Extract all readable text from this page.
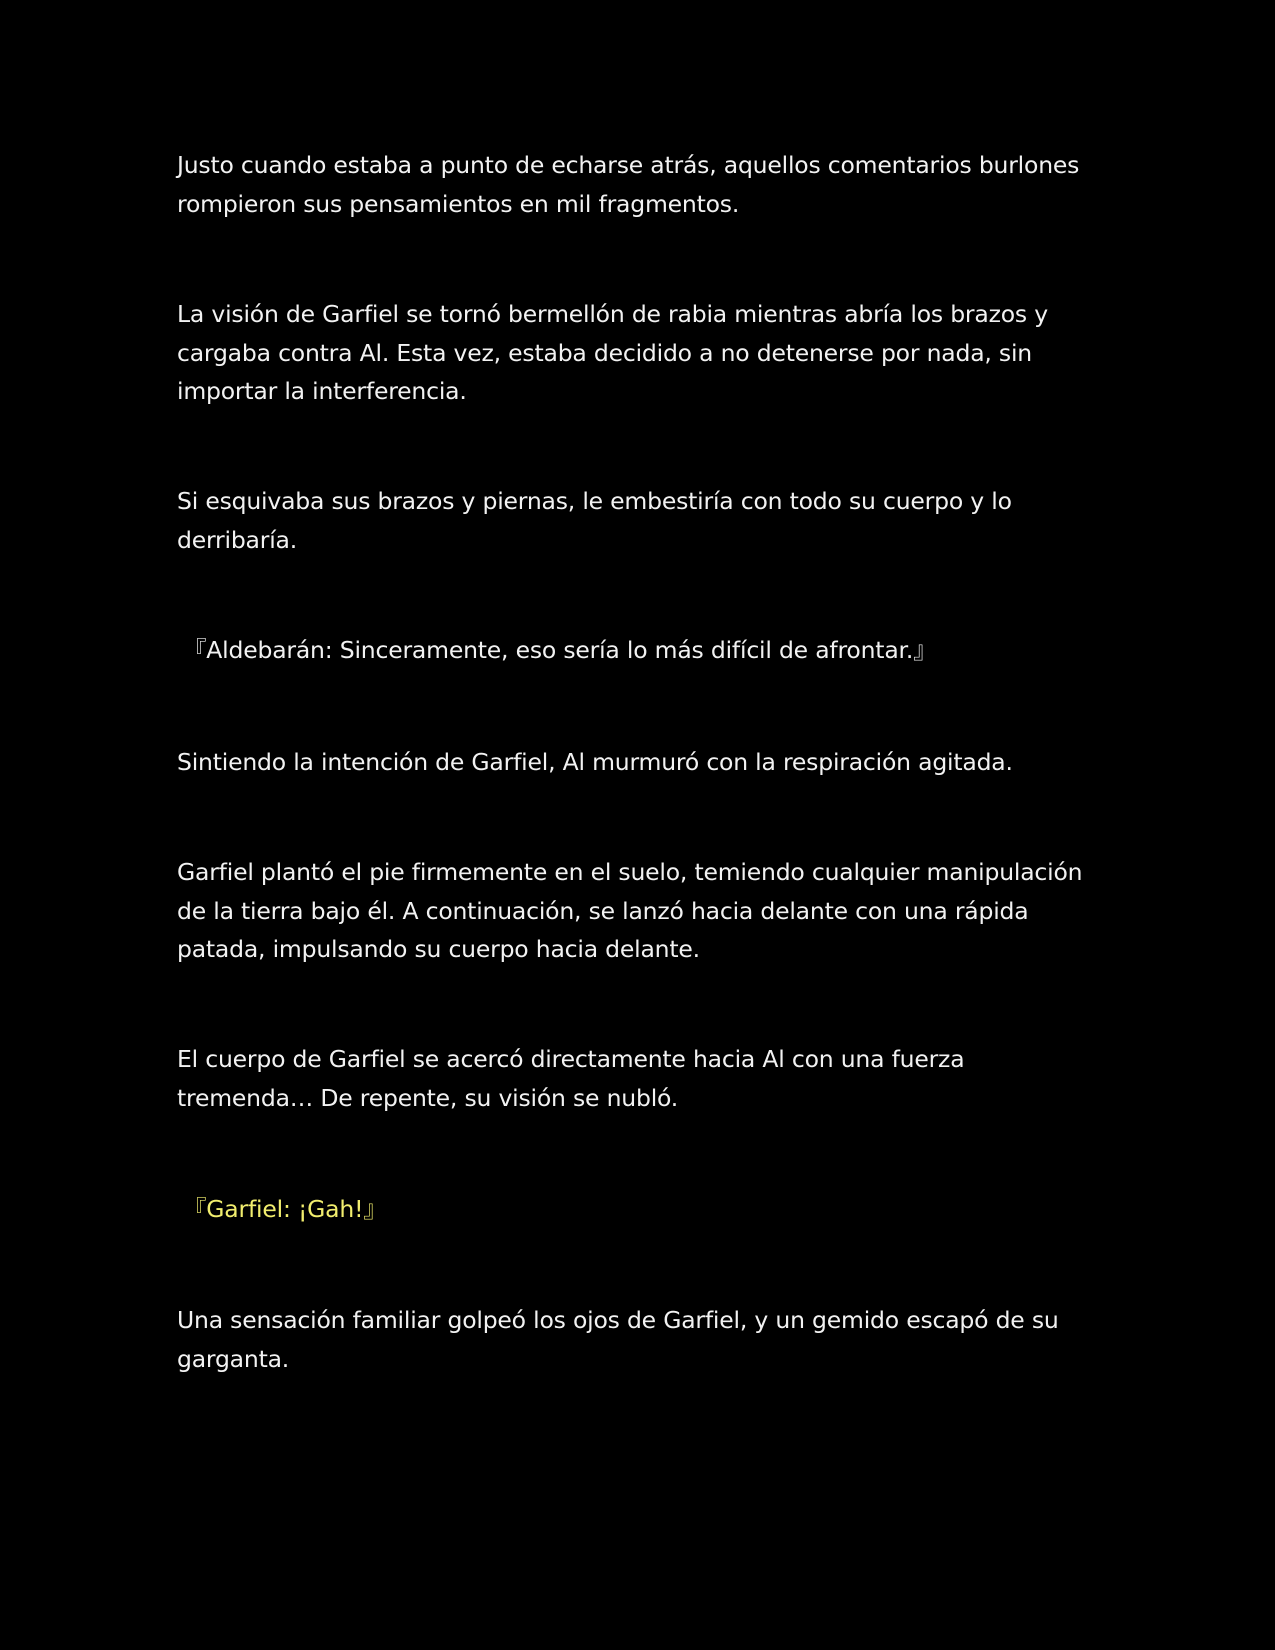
Justo cuando estaba a punto de echarse atrás, aquellos comentarios burlones rompieron sus pensamientos en mil fragmentos.

La visión de Garfiel se tornó bermellón de rabia mientras abría los brazos y cargaba contra Al. Esta vez, estaba decidido a no detenerse por nada, sin importar la interferencia.

Si esquivaba sus brazos y piernas, le embestiría con todo su cuerpo y lo derribaría.

『Aldebarán: Sinceramente, eso sería lo más difícil de afrontar.』

Sintiendo la intención de Garfiel, Al murmuró con la respiración agitada.

Garfiel plantó el pie firmemente en el suelo, temiendo cualquier manipulación de la tierra bajo él. A continuación, se lanzó hacia delante con una rápida patada, impulsando su cuerpo hacia delante.

El cuerpo de Garfiel se acercó directamente hacia Al con una fuerza tremenda… De repente, su visión se nubló.

『Garfiel: ¡Gah!』

Una sensación familiar golpeó los ojos de Garfiel, y un gemido escapó de su garganta.
